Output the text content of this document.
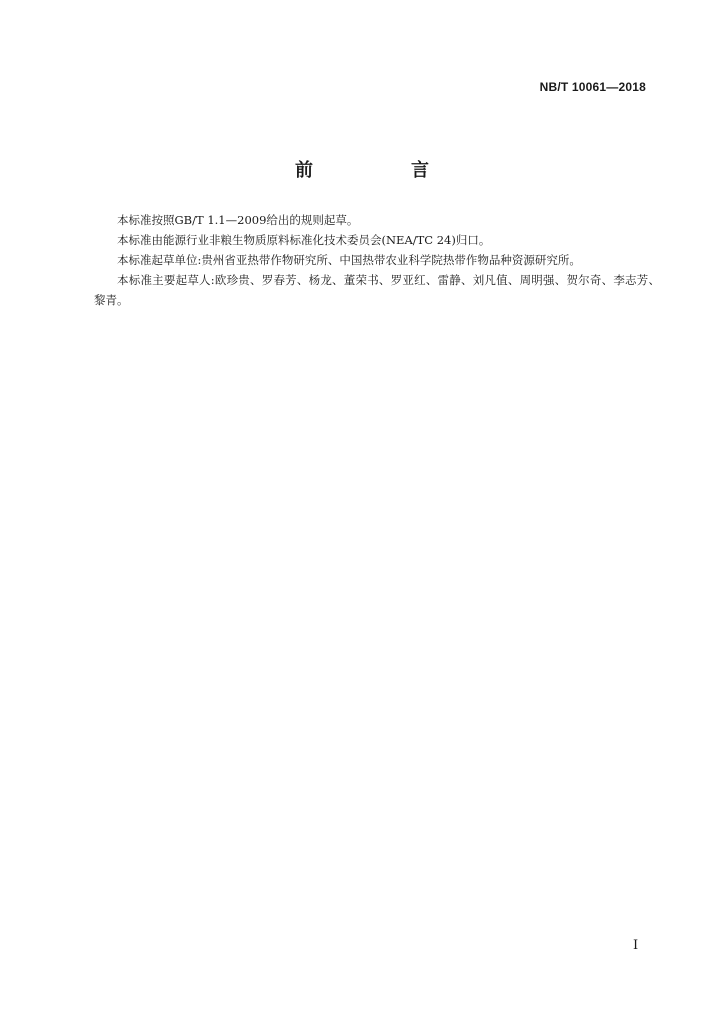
NB/T 10061—2018
前　言

本标准按照GB/T 1.1—2009给出的规则起草。

本标准由能源行业非粮生物质原料标准化技术委员会(NEA/TC 24)归口。

本标准起草单位:贵州省亚热带作物研究所、中国热带农业科学院热带作物品种资源研究所。

本标准主要起草人:欧珍贵、罗春芳、杨龙、董荣书、罗亚红、雷静、刘凡值、周明强、贺尔奇、李志芳、黎青。

I
